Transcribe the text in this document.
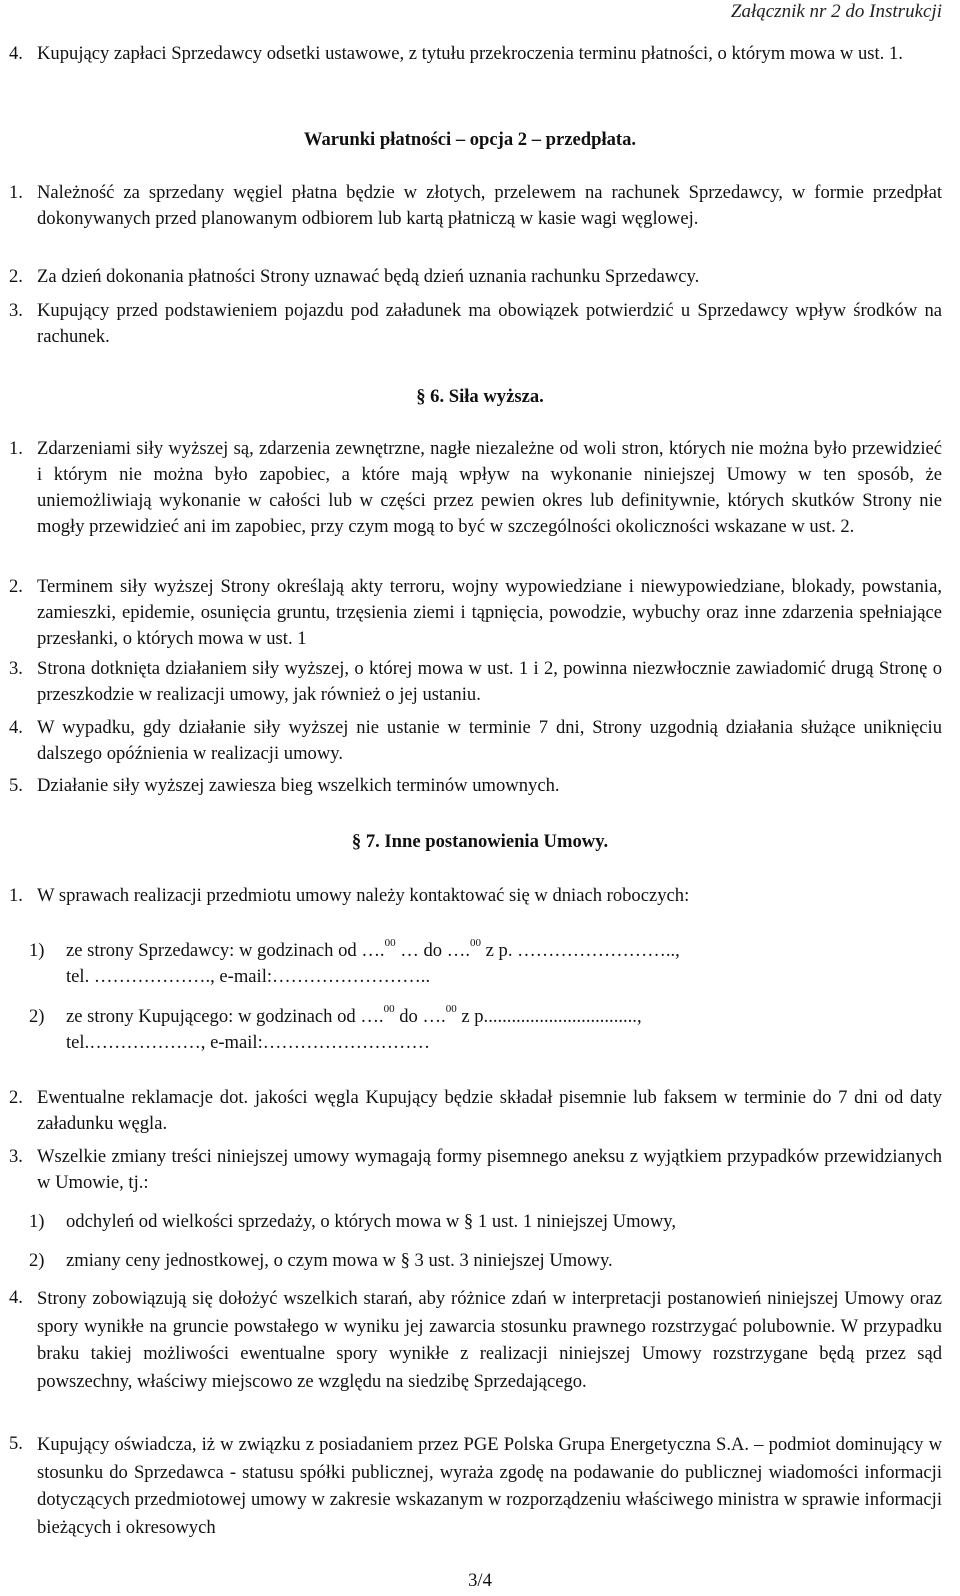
Załącznik nr 2 do Instrukcji
4. Kupujący zapłaci Sprzedawcy odsetki ustawowe, z tytułu przekroczenia terminu płatności, o którym mowa w ust. 1.
Warunki płatności – opcja 2 – przedpłata.
1. Należność za sprzedany węgiel płatna będzie w złotych, przelewem na rachunek Sprzedawcy, w formie przedpłat dokonywanych przed planowanym odbiorem lub kartą płatniczą w kasie wagi węglowej.
2. Za dzień dokonania płatności Strony uznawać będą dzień uznania rachunku Sprzedawcy.
3. Kupujący przed podstawieniem pojazdu pod załadunek ma obowiązek potwierdzić u Sprzedawcy wpływ środków na rachunek.
§ 6. Siła wyższa.
1. Zdarzeniami siły wyższej są, zdarzenia zewnętrzne, nagłe niezależne od woli stron, których nie można było przewidzieć i którym nie można było zapobiec, a które mają wpływ na wykonanie niniejszej Umowy w ten sposób, że uniemożliwiają wykonanie w całości lub w części przez pewien okres lub definitywnie, których skutków Strony nie mogły przewidzieć ani im zapobiec, przy czym mogą to być w szczególności okoliczności wskazane w ust. 2.
2. Terminem siły wyższej Strony określają akty terroru, wojny wypowiedziane i niewypowiedziane, blokady, powstania, zamieszki, epidemie, osunięcia gruntu, trzęsienia ziemi i tąpnięcia, powodzie, wybuchy oraz inne zdarzenia spełniające przesłanki, o których mowa w ust. 1
3. Strona dotknięta działaniem siły wyższej, o której mowa w ust. 1 i 2, powinna niezwłocznie zawiadomić drugą Stronę o przeszkodzie w realizacji umowy, jak również o jej ustaniu.
4. W wypadku, gdy działanie siły wyższej nie ustanie w terminie 7 dni, Strony uzgodnią działania służące uniknięciu dalszego opóźnienia w realizacji umowy.
5. Działanie siły wyższej zawiesza bieg wszelkich terminów umownych.
§ 7. Inne postanowienia Umowy.
1. W sprawach realizacji przedmiotu umowy należy kontaktować się w dniach roboczych:
1) ze strony Sprzedawcy: w godzinach od ….$^{00}$ … do ….$^{00}$ z p. ……………………..,
tel. ………………., e-mail:……………………..
2) ze strony Kupującego: w godzinach od ….$^{00}$ do ….$^{00}$ z p.................................,
tel.………………, e-mail:………………………
2. Ewentualne reklamacje dot. jakości węgla Kupujący będzie składał pisemnie lub faksem w terminie do 7 dni od daty załadunku węgla.
3. Wszelkie zmiany treści niniejszej umowy wymagają formy pisemnego aneksu z wyjątkiem przypadków przewidzianych w Umowie, tj.:
1) odchyleń od wielkości sprzedaży, o których mowa w § 1 ust. 1 niniejszej Umowy,
2) zmiany ceny jednostkowej, o czym mowa w § 3 ust. 3 niniejszej Umowy.
4. Strony zobowiązują się dołożyć wszelkich starań, aby różnice zdań w interpretacji postanowień niniejszej Umowy oraz spory wynikłe na gruncie powstałego w wyniku jej zawarcia stosunku prawnego rozstrzygać polubownie. W przypadku braku takiej możliwości ewentualne spory wynikłe z realizacji niniejszej Umowy rozstrzygane będą przez sąd powszechny, właściwy miejscowo ze względu na siedzibę Sprzedającego.
5. Kupujący oświadcza, iż w związku z posiadaniem przez PGE Polska Grupa Energetyczna S.A. – podmiot dominujący w stosunku do Sprzedawca - statusu spółki publicznej, wyraża zgodę na podawanie do publicznej wiadomości informacji dotyczących przedmiotowej umowy w zakresie wskazanym w rozporządzeniu właściwego ministra w sprawie informacji bieżących i okresowych
3/4
